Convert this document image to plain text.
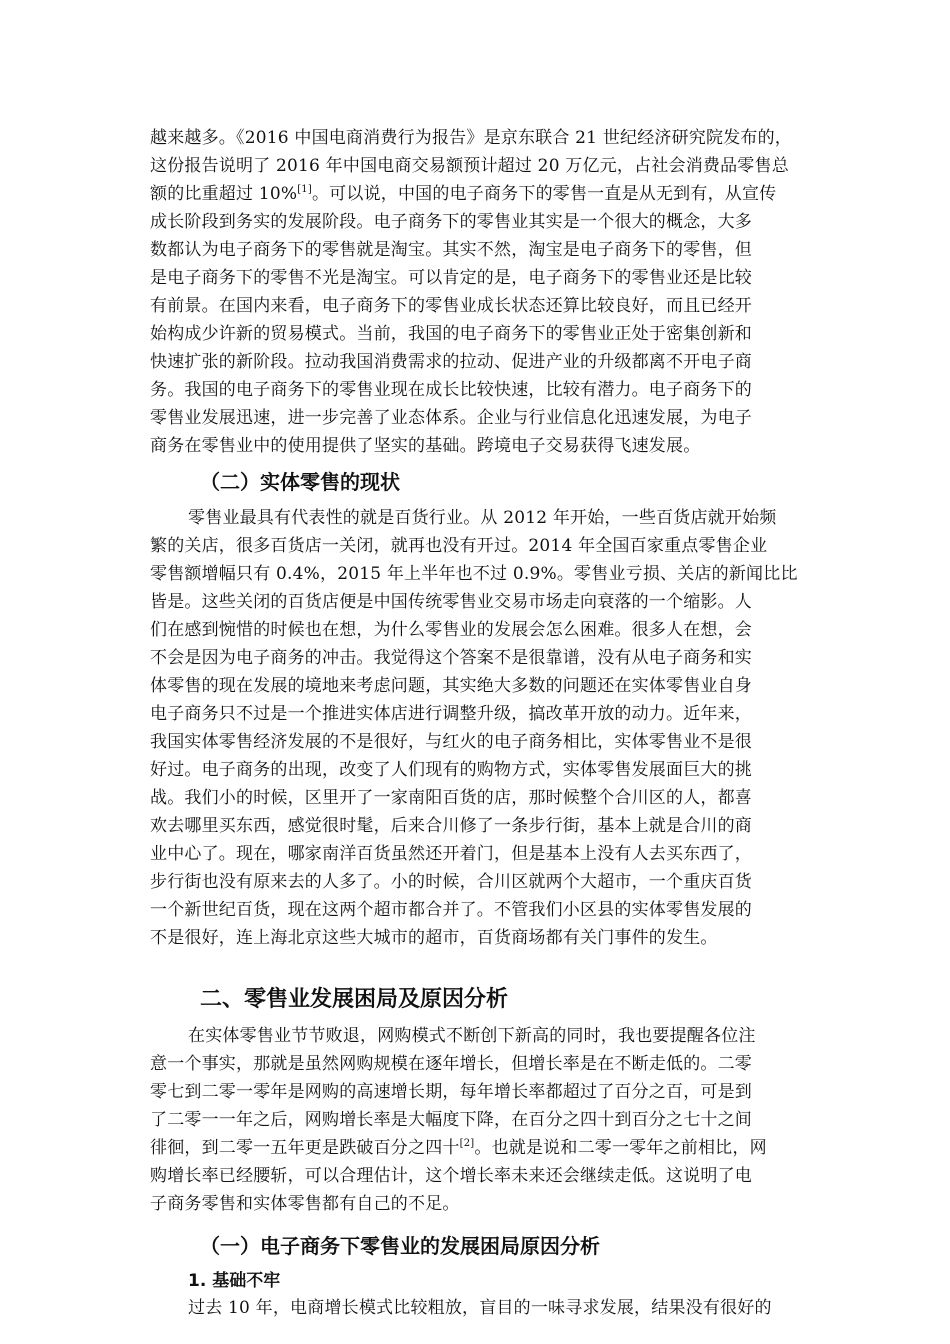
越来越多。《2016 中国电商消费行为报告》是京东联合 21 世纪经济研究院发布的，
这份报告说明了 2016 年中国电商交易额预计超过 20 万亿元，占社会消费品零售总
额的比重超过 10%[1]。可以说，中国的电子商务下的零售一直是从无到有，从宣传
成长阶段到务实的发展阶段。电子商务下的零售业其实是一个很大的概念，大多
数都认为电子商务下的零售就是淘宝。其实不然，淘宝是电子商务下的零售，但
是电子商务下的零售不光是淘宝。可以肯定的是，电子商务下的零售业还是比较
有前景。在国内来看，电子商务下的零售业成长状态还算比较良好，而且已经开
始构成少许新的贸易模式。当前，我国的电子商务下的零售业正处于密集创新和
快速扩张的新阶段。拉动我国消费需求的拉动、促进产业的升级都离不开电子商
务。我国的电子商务下的零售业现在成长比较快速，比较有潜力。电子商务下的
零售业发展迅速，进一步完善了业态体系。企业与行业信息化迅速发展，为电子
商务在零售业中的使用提供了坚实的基础。跨境电子交易获得飞速发展。
（二）实体零售的现状
零售业最具有代表性的就是百货行业。从 2012 年开始，一些百货店就开始频
繁的关店，很多百货店一关闭，就再也没有开过。2014 年全国百家重点零售企业
零售额增幅只有 0.4%，2015 年上半年也不过 0.9%。零售业亏损、关店的新闻比比
皆是。这些关闭的百货店便是中国传统零售业交易市场走向衰落的一个缩影。人
们在感到惋惜的时候也在想，为什么零售业的发展会怎么困难。很多人在想，会
不会是因为电子商务的冲击。我觉得这个答案不是很靠谱，没有从电子商务和实
体零售的现在发展的境地来考虑问题，其实绝大多数的问题还在实体零售业自身
电子商务只不过是一个推进实体店进行调整升级，搞改革开放的动力。近年来，
我国实体零售经济发展的不是很好，与红火的电子商务相比，实体零售业不是很
好过。电子商务的出现，改变了人们现有的购物方式，实体零售发展面巨大的挑
战。我们小的时候，区里开了一家南阳百货的店，那时候整个合川区的人，都喜
欢去哪里买东西，感觉很时髦，后来合川修了一条步行街，基本上就是合川的商
业中心了。现在，哪家南洋百货虽然还开着门，但是基本上没有人去买东西了，
步行街也没有原来去的人多了。小的时候，合川区就两个大超市，一个重庆百货
一个新世纪百货，现在这两个超市都合并了。不管我们小区县的实体零售发展的
不是很好，连上海北京这些大城市的超市，百货商场都有关门事件的发生。
二、零售业发展困局及原因分析
在实体零售业节节败退，网购模式不断创下新高的同时，我也要提醒各位注
意一个事实，那就是虽然网购规模在逐年增长，但增长率是在不断走低的。二零
零七到二零一零年是网购的高速增长期，每年增长率都超过了百分之百，可是到
了二零一一年之后，网购增长率是大幅度下降，在百分之四十到百分之七十之间
徘徊，到二零一五年更是跌破百分之四十[2]。也就是说和二零一零年之前相比，网
购增长率已经腰斩，可以合理估计，这个增长率未来还会继续走低。这说明了电
子商务零售和实体零售都有自己的不足。
（一）电子商务下零售业的发展困局原因分析
1. 基础不牢
过去 10 年，电商增长模式比较粗放，盲目的一味寻求发展，结果没有很好的
